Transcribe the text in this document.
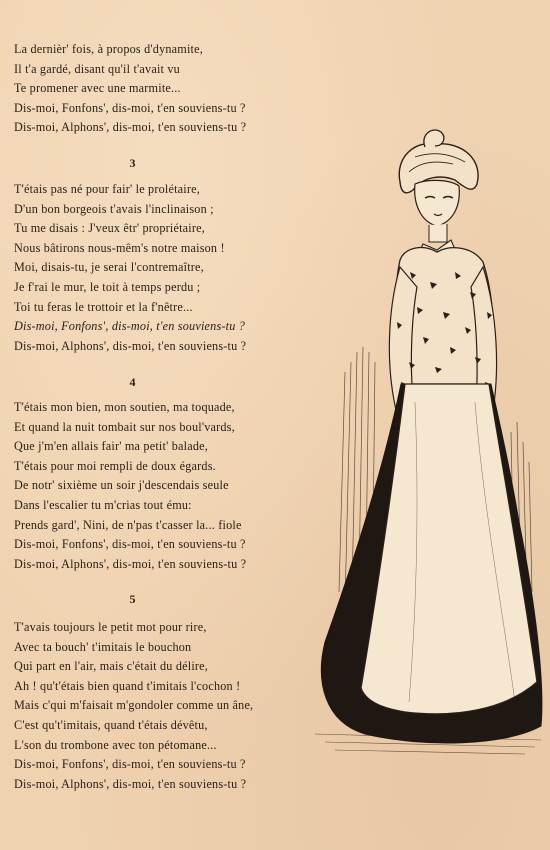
La dernièr' fois, à propos d'dynamite,
Il t'a gardé, disant qu'il t'avait vu
Te promener avec une marmite...
Dis-moi, Fonfons', dis-moi, t'en souviens-tu ?
Dis-moi, Alphons', dis-moi, t'en souviens-tu ?
3
T'étais pas né pour fair' le prolétaire,
D'un bon borgeois t'avais l'inclinaison ;
Tu me disais : J'veux êtr' propriétaire,
Nous bâtirons nous-mêm's notre maison !
Moi, disais-tu, je serai l'contremaître,
Je f'rai le mur, le toit à temps perdu ;
Toi tu feras le trottoir et la f'nêtre...
Dis-moi, Fonfons', dis-moi, t'en souviens-tu ?
Dis-moi, Alphons', dis-moi, t'en souviens-tu ?
4
T'étais mon bien, mon soutien, ma toquade,
Et quand la nuit tombait sur nos boul'vards,
Que j'm'en allais fair' ma petit' balade,
T'étais pour moi rempli de doux égards.
De notr' sixième un soir j'descendais seule
Dans l'escalier tu m'crias tout ému:
Prends gard', Nini, de n'pas t'casser la... fiole
Dis-moi, Fonfons', dis-moi, t'en souviens-tu ?
Dis-moi, Alphons', dis-moi, t'en souviens-tu ?
5
T'avais toujours le petit mot pour rire,
Avec ta bouch' t'imitais le bouchon
Qui part en l'air, mais c'était du délire,
Ah ! qu't'étais bien quand t'imitais l'cochon !
Mais c'qui m'faisait m'gondoler comme un âne,
C'est qu't'imitais, quand t'étais dévêtu,
L'son du trombone avec ton pétomane...
Dis-moi, Fonfons', dis-moi, t'en souviens-tu ?
Dis-moi, Alphons', dis-moi, t'en souviens-tu ?
